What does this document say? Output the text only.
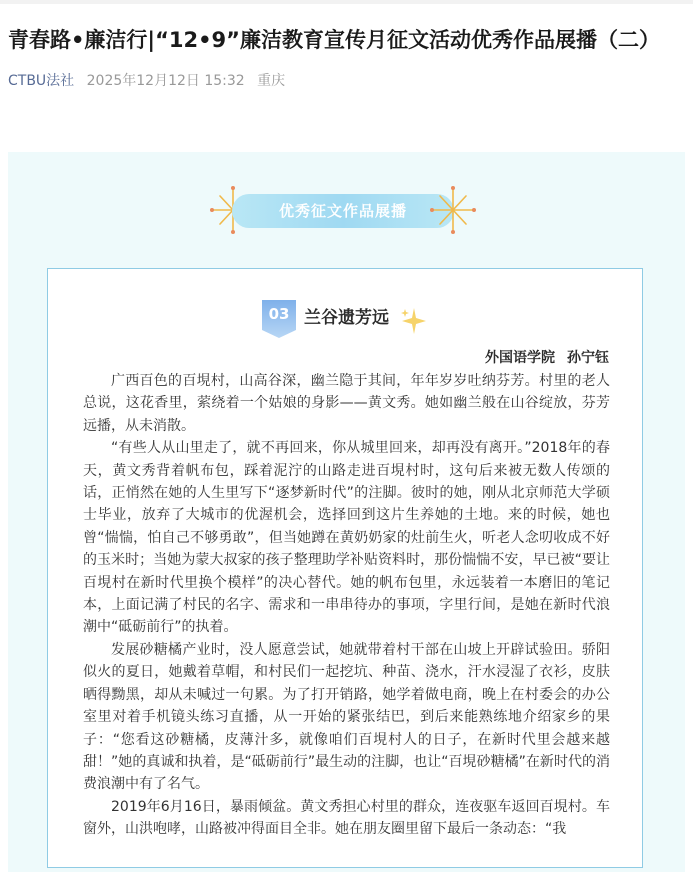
青春路•廉洁行|“12•9”廉洁教育宣传月征文活动优秀作品展播（二）
CTBU法社 2025年12月12日 15:32 重庆
优秀征文作品展播
03 兰谷遗芳远
外国语学院 孙宁钰

广西百色的百垷村，山高谷深，幽兰隐于其间，年年岁岁吐纳芬芳。村里的老人总说，这花香里，萦绕着一个姑娘的身影——黄文秀。她如幽兰般在山谷绽放，芬芳远播，从未消散。

“有些人从山里走了，就不再回来，你从城里回来，却再没有离开。”2018年的春天，黄文秀背着帆布包，踩着泥泞的山路走进百垷村时，这句后来被无数人传颂的话，正悄然在她的人生里写下“逐梦新时代”的注脚。彼时的她，刚从北京师范大学硕士毕业，放弃了大城市的优渥机会，选择回到这片生养她的土地。来的时候，她也曾“惴惴，怕自己不够勇敢”，但当她蹲在黄奶奶家的灶前生火，听老人念叨收成不好的玉米时；当她为蒙大叔家的孩子整理助学补贴资料时，那份惴惴不安，早已被“要让百垷村在新时代里换个模样”的决心替代。她的帆布包里，永远装着一本磨旧的笔记本，上面记满了村民的名字、需求和一串串待办的事项，字里行间，是她在新时代浪潮中“砥砺前行”的执着。

发展砂糖橘产业时，没人愿意尝试，她就带着村干部在山坡上开辟试验田。骄阳似火的夏日，她戴着草帽，和村民们一起挖坑、种苗、浇水，汗水浸湿了衣衫，皮肤晒得黝黑，却从未喊过一句累。为了打开销路，她学着做电商，晚上在村委会的办公室里对着手机镜头练习直播，从一开始的紧张结巴，到后来能熟练地介绍家乡的果子：“您看这砂糖橘，皮薄汁多，就像咱们百垷村人的日子，在新时代里会越来越甜！”她的真诚和执着，是“砥砺前行”最生动的注脚，也让“百垷砂糖橘”在新时代的消费浪潮中有了名气。

2019年6月16日，暴雨倾盆。黄文秀担心村里的群众，连夜驱车返回百垷村。车窗外，山洪咆哮，山路被冲得面目全非。她在朋友圈里留下最后一条动态：“我
